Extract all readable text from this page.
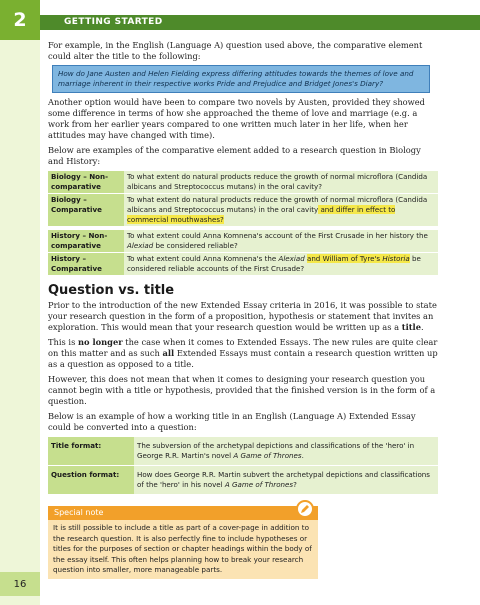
2	GETTING STARTED
16

For example, in the English (Language A) question used above, the comparative element could alter the title to the following:

How do Jane Austen and Helen Fielding express differing attitudes towards the themes of love and marriage inherent in their respective works Pride and Prejudice and Bridget Jones's Diary?

Another option would have been to compare two novels by Austen, provided they showed some difference in terms of how she approached the theme of love and marriage (e.g. a work from her earlier years compared to one written much later in her life, when her attitudes may have changed with time).

Below are examples of the comparative element added to a research question in Biology and History:

Biology – Non-comparative	To what extent do natural products reduce the growth of normal microflora (Candida albicans and Streptococcus mutans) in the oral cavity?
Biology – Comparative	To what extent do natural products reduce the growth of normal microflora (Candida albicans and Streptococcus mutans) in the oral cavity and differ in effect to commercial mouthwashes?

History – Non-comparative	To what extent could Anna Komnena's account of the First Crusade in her history the Alexiad be considered reliable?
History – Comparative	To what extent could Anna Komnena's the Alexiad and William of Tyre's Historia be considered reliable accounts of the First Crusade?
Question vs. title

Prior to the introduction of the new Extended Essay criteria in 2016, it was possible to state your research question in the form of a proposition, hypothesis or statement that invites an exploration. This would mean that your research question would be written up as a title.

This is no longer the case when it comes to Extended Essays. The new rules are quite clear on this matter and as such all Extended Essays must contain a research question written up as a question as opposed to a title.

However, this does not mean that when it comes to designing your research question you cannot begin with a title or hypothesis, provided that the finished version is in the form of a question.

Below is an example of how a working title in an English (Language A) Extended Essay could be converted into a question:

Title format:	The subversion of the archetypal depictions and classifications of the 'hero' in George R.R. Martin's novel A Game of Thrones.
Question format:	How does George R.R. Martin subvert the archetypal depictions and classifications of the 'hero' in his novel A Game of Thrones?
Special note
It is still possible to include a title as part of a cover-page in addition to the research question. It is also perfectly fine to include hypotheses or titles for the purposes of section or chapter headings within the body of the essay itself. This often helps planning how to break your research question into smaller, more manageable parts.
